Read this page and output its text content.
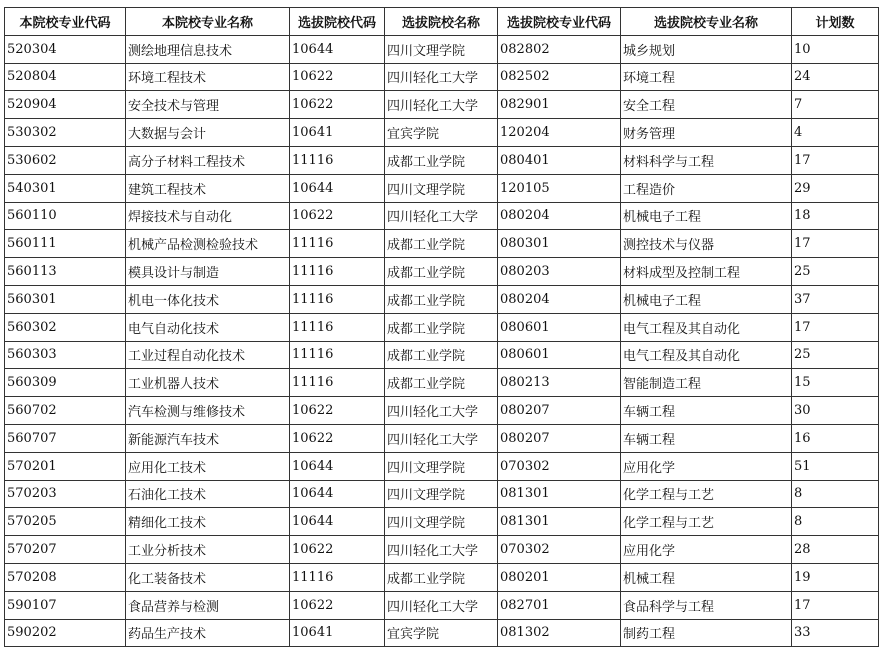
本院校专业代码	本院校专业名称	选拔院校代码	选拔院校名称	选拔院校专业代码	选拔院校专业名称	计划数
520304	测绘地理信息技术	10644	四川文理学院	082802	城乡规划	10
520804	环境工程技术	10622	四川轻化工大学	082502	环境工程	24
520904	安全技术与管理	10622	四川轻化工大学	082901	安全工程	7
530302	大数据与会计	10641	宜宾学院	120204	财务管理	4
530602	高分子材料工程技术	11116	成都工业学院	080401	材料科学与工程	17
540301	建筑工程技术	10644	四川文理学院	120105	工程造价	29
560110	焊接技术与自动化	10622	四川轻化工大学	080204	机械电子工程	18
560111	机械产品检测检验技术	11116	成都工业学院	080301	测控技术与仪器	17
560113	模具设计与制造	11116	成都工业学院	080203	材料成型及控制工程	25
560301	机电一体化技术	11116	成都工业学院	080204	机械电子工程	37
560302	电气自动化技术	11116	成都工业学院	080601	电气工程及其自动化	17
560303	工业过程自动化技术	11116	成都工业学院	080601	电气工程及其自动化	25
560309	工业机器人技术	11116	成都工业学院	080213	智能制造工程	15
560702	汽车检测与维修技术	10622	四川轻化工大学	080207	车辆工程	30
560707	新能源汽车技术	10622	四川轻化工大学	080207	车辆工程	16
570201	应用化工技术	10644	四川文理学院	070302	应用化学	51
570203	石油化工技术	10644	四川文理学院	081301	化学工程与工艺	8
570205	精细化工技术	10644	四川文理学院	081301	化学工程与工艺	8
570207	工业分析技术	10622	四川轻化工大学	070302	应用化学	28
570208	化工装备技术	11116	成都工业学院	080201	机械工程	19
590107	食品营养与检测	10622	四川轻化工大学	082701	食品科学与工程	17
590202	药品生产技术	10641	宜宾学院	081302	制药工程	33
